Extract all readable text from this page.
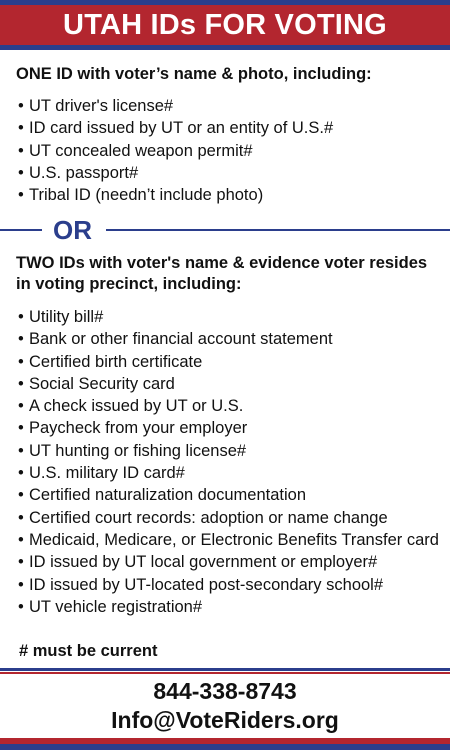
UTAH IDs FOR VOTING
ONE ID with voter’s name & photo, including:
• UT driver's license#
• ID card issued by UT or an entity of U.S.#
• UT concealed weapon permit#
• U.S. passport#
• Tribal ID (needn’t include photo)
OR
TWO IDs with voter's name & evidence voter resides in voting precinct, including:
• Utility bill#
• Bank or other financial account statement
• Certified birth certificate
• Social Security card
• A check issued by UT or U.S.
• Paycheck from your employer
• UT hunting or fishing license#
• U.S. military ID card#
• Certified naturalization documentation
• Certified court records: adoption or name change
• Medicaid, Medicare, or Electronic Benefits Transfer card
• ID issued by UT local government or employer#
• ID issued by UT-located post-secondary school#
• UT vehicle registration#
# must be current
844-338-8743
Info@VoteRiders.org
